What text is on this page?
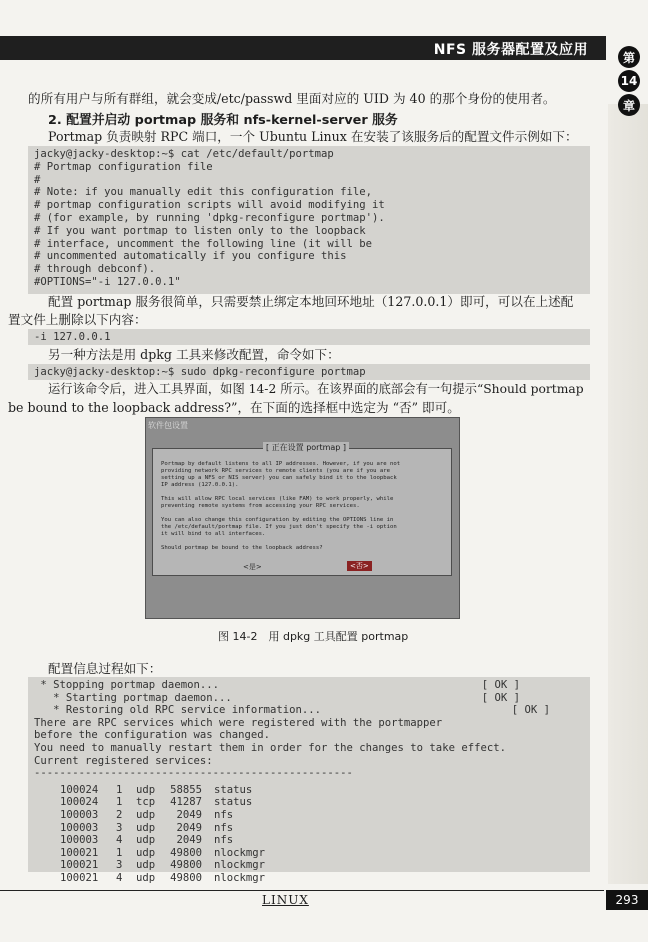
NFS 服务器配置及应用	第
14
章
的所有用户与所有群组，就会变成/etc/passwd 里面对应的 UID 为 40 的那个身份的使用者。
2. 配置并启动 portmap 服务和 nfs-kernel-server 服务
Portmap 负责映射 RPC 端口，一个 Ubuntu Linux 在安装了该服务后的配置文件示例如下：
jacky@jacky-desktop:~$ cat /etc/default/portmap
# Portmap configuration file
#
# Note: if you manually edit this configuration file,
# portmap configuration scripts will avoid modifying it
# (for example, by running 'dpkg-reconfigure portmap').
# If you want portmap to listen only to the loopback
# interface, uncomment the following line (it will be
# uncommented automatically if you configure this
# through debconf).
#OPTIONS="-i 127.0.0.1"
配置 portmap 服务很简单，只需要禁止绑定本地回环地址（127.0.0.1）即可，可以在上述配
置文件上删除以下内容：
-i 127.0.0.1
另一种方法是用 dpkg 工具来修改配置，命令如下：
jacky@jacky-desktop:~$ sudo dpkg-reconfigure portmap
运行该命令后，进入工具界面，如图 14-2 所示。在该界面的底部会有一句提示“Should portmap
be bound to the loopback address?”，在下面的选择框中选定为 “否” 即可。
软件包设置
[ 正在设置 portmap ]
Portmap by default listens to all IP addresses. However, if you are not
providing network RPC services to remote clients (you are if you are
setting up a NFS or NIS server) you can safely bind it to the loopback
IP address (127.0.0.1).
This will allow RPC local services (like FAM) to work properly, while
preventing remote systems from accessing your RPC services.
You can also change this configuration by editing the OPTIONS line in
the /etc/default/portmap file. If you just don't specify the -i option
it will bind to all interfaces.
Should portmap be bound to the loopback address?
<是>	<否>
图 14-2　用 dpkg 工具配置 portmap
配置信息过程如下：
* Stopping portmap daemon...	[ OK ]
* Starting portmap daemon...	[ OK ]
* Restoring old RPC service information...	[ OK ]
There are RPC services which were registered with the portmapper
before the configuration was changed.
You need to manually restart them in order for the changes to take effect.
Current registered services:
--------------------------------------------------
100024 1 udp	58855 status
100024 1 tcp	41287 status
100003 2 udp	2049 nfs
100003 3 udp	2049 nfs
100003 4 udp	2049 nfs
100021 1 udp	49800 nlockmgr
100021 3 udp	49800 nlockmgr
100021 4 udp	49800 nlockmgr
LINUX	293
